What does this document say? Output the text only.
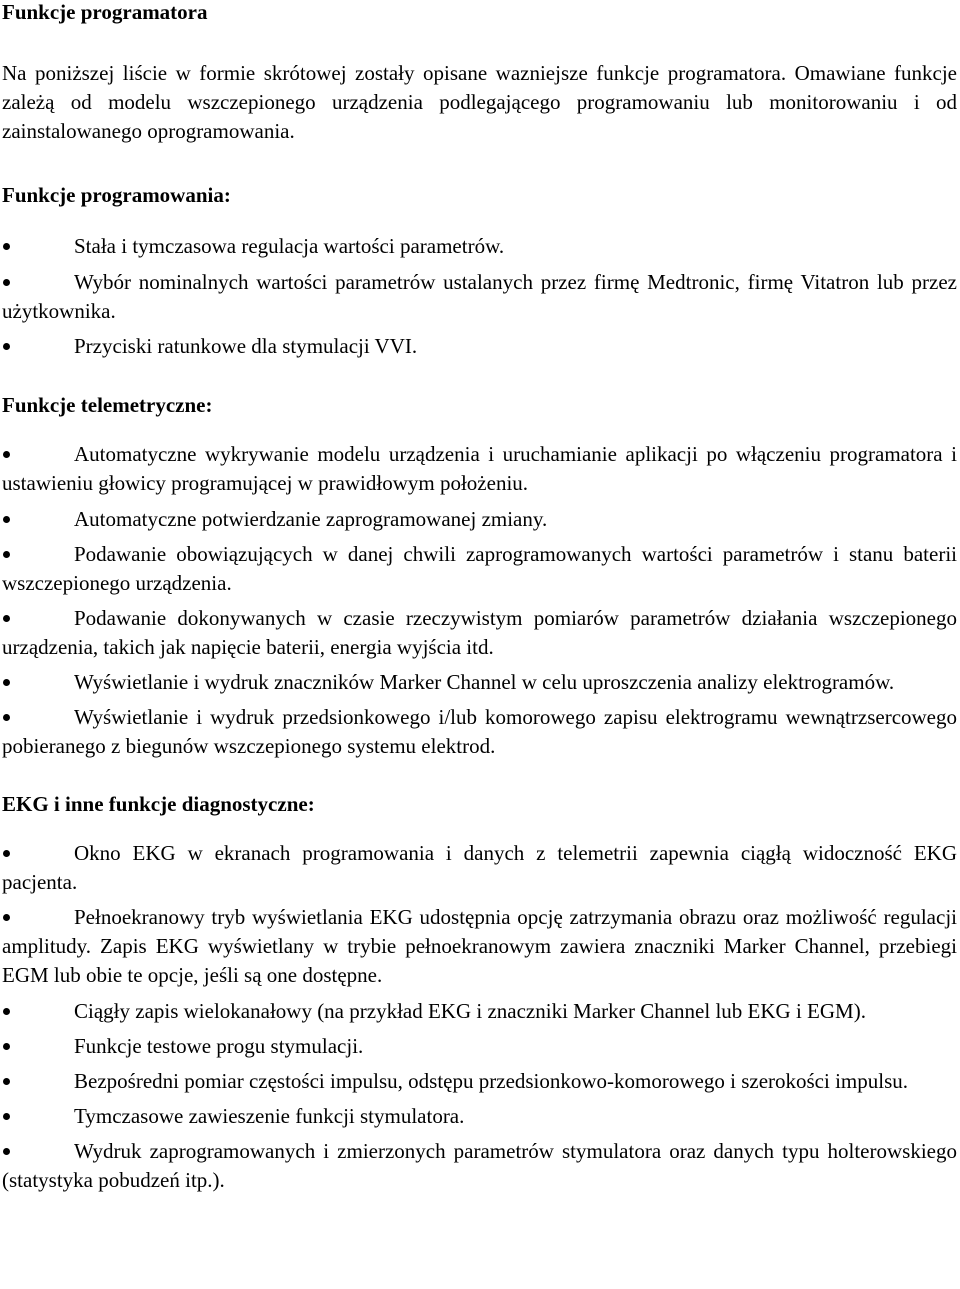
Funkcje programatora

Na poniższej liście w formie skrótowej zostały opisane wazniejsze funkcje programatora. Omawiane funkcje zależą od modelu wszczepionego urządzenia podlegającego programowaniu lub monitorowaniu i od zainstalowanego oprogramowania.

Funkcje programowania:
Stała i tymczasowa regulacja wartości parametrów.
Wybór nominalnych wartości parametrów ustalanych przez firmę Medtronic, firmę Vitatron lub przez użytkownika.
Przyciski ratunkowe dla stymulacji VVI.
Funkcje telemetryczne:
Automatyczne wykrywanie modelu urządzenia i uruchamianie aplikacji po włączeniu programatora i ustawieniu głowicy programującej w prawidłowym położeniu.
Automatyczne potwierdzanie zaprogramowanej zmiany.
Podawanie obowiązujących w danej chwili zaprogramowanych wartości parametrów i stanu baterii wszczepionego urządzenia.
Podawanie dokonywanych w czasie rzeczywistym pomiarów parametrów działania wszczepionego urządzenia, takich jak napięcie baterii, energia wyjścia itd.
Wyświetlanie i wydruk znaczników Marker Channel w celu uproszczenia analizy elektrogramów.
Wyświetlanie i wydruk przedsionkowego i/lub komorowego zapisu elektrogramu wewnątrzsercowego pobieranego z biegunów wszczepionego systemu elektrod.
EKG i inne funkcje diagnostyczne:
Okno EKG w ekranach programowania i danych z telemetrii zapewnia ciągłą widoczność EKG pacjenta.
Pełnoekranowy tryb wyświetlania EKG udostępnia opcję zatrzymania obrazu oraz możliwość regulacji amplitudy. Zapis EKG wyświetlany w trybie pełnoekranowym zawiera znaczniki Marker Channel, przebiegi EGM lub obie te opcje, jeśli są one dostępne.
Ciągły zapis wielokanałowy (na przykład EKG i znaczniki Marker Channel lub EKG i EGM).
Funkcje testowe progu stymulacji.
Bezpośredni pomiar częstości impulsu, odstępu przedsionkowo-komorowego i szerokości impulsu.
Tymczasowe zawieszenie funkcji stymulatora.
Wydruk zaprogramowanych i zmierzonych parametrów stymulatora oraz danych typu holterowskiego (statystyka pobudzeń itp.).
